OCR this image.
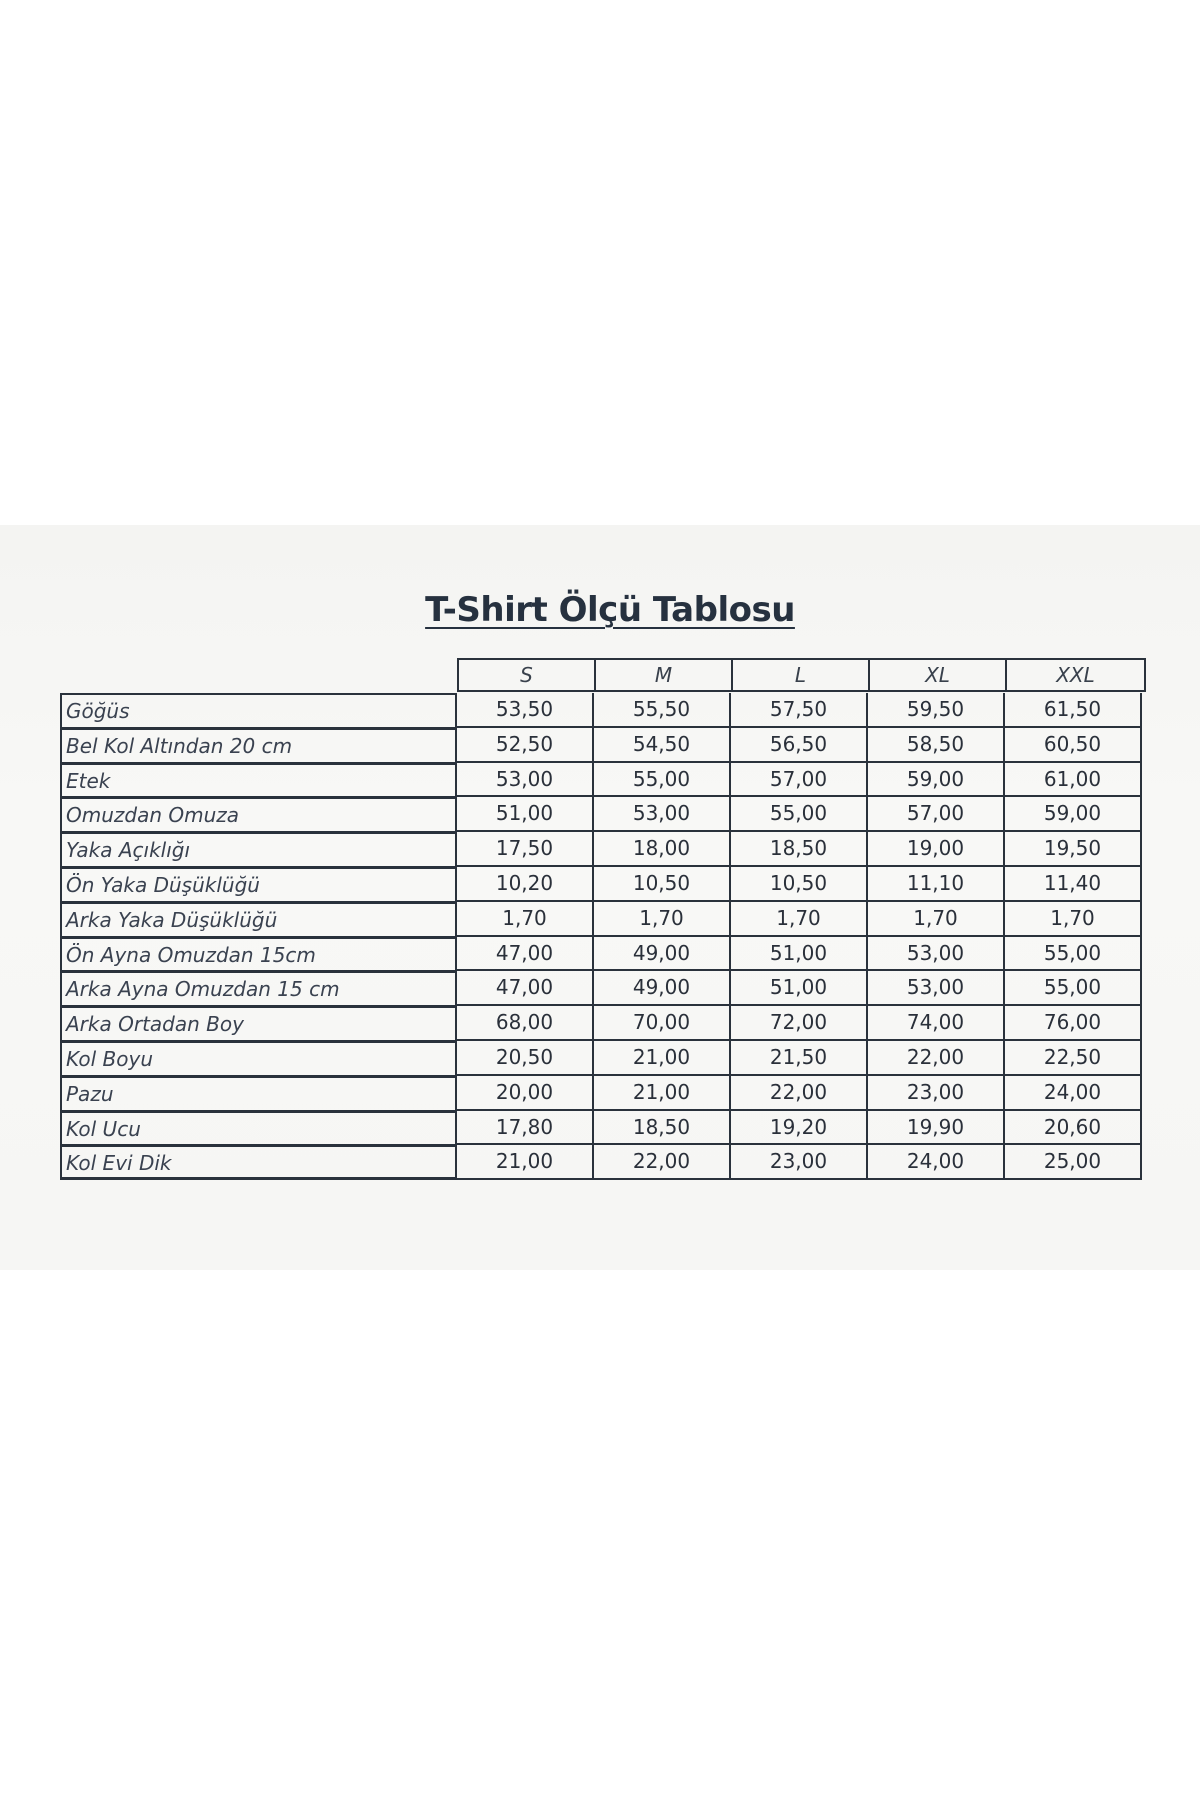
T-Shirt Ölçü Tablosu
S	M	L	XL	XXL
Göğüs	53,50	55,50	57,50	59,50	61,50
Bel Kol Altından 20 cm	52,50	54,50	56,50	58,50	60,50
Etek	53,00	55,00	57,00	59,00	61,00
Omuzdan Omuza	51,00	53,00	55,00	57,00	59,00
Yaka Açıklığı	17,50	18,00	18,50	19,00	19,50
Ön Yaka Düşüklüğü	10,20	10,50	10,50	11,10	11,40
Arka Yaka Düşüklüğü	1,70	1,70	1,70	1,70	1,70
Ön Ayna Omuzdan 15cm	47,00	49,00	51,00	53,00	55,00
Arka Ayna Omuzdan 15 cm	47,00	49,00	51,00	53,00	55,00
Arka Ortadan Boy	68,00	70,00	72,00	74,00	76,00
Kol Boyu	20,50	21,00	21,50	22,00	22,50
Pazu	20,00	21,00	22,00	23,00	24,00
Kol Ucu	17,80	18,50	19,20	19,90	20,60
Kol Evi Dik	21,00	22,00	23,00	24,00	25,00
